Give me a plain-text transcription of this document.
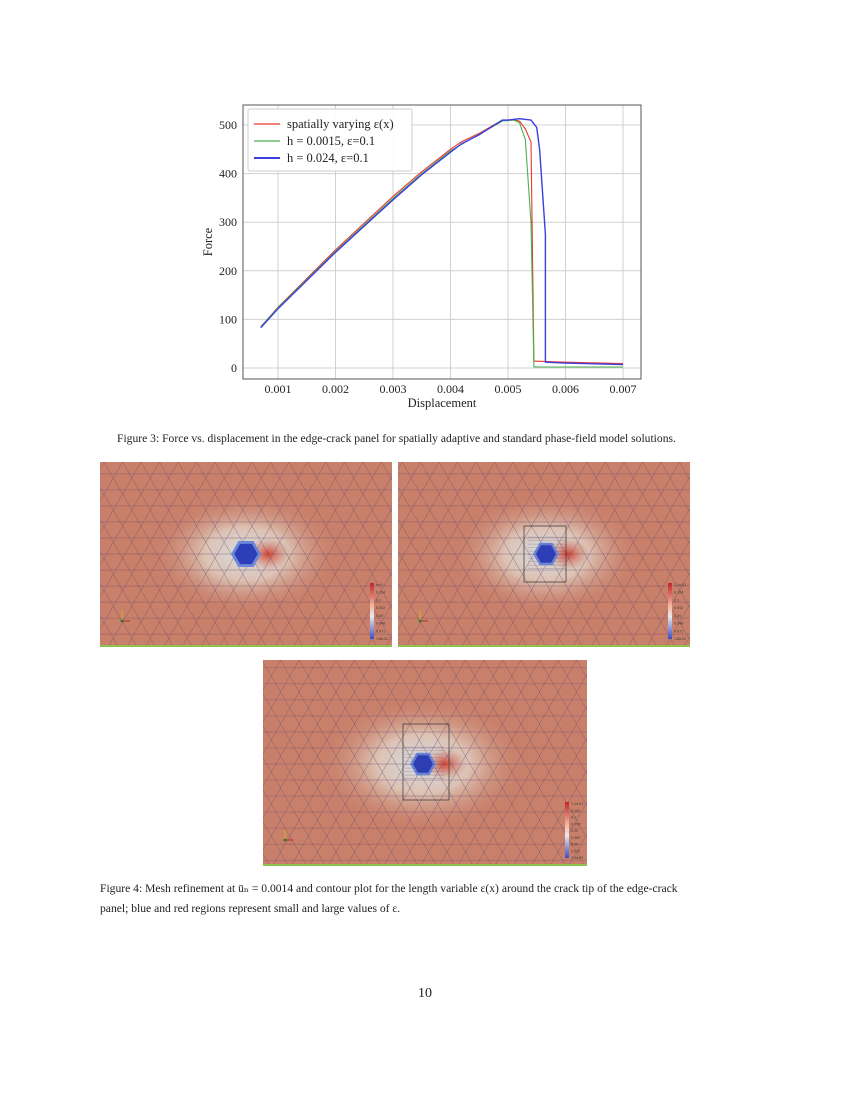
0.001	0.002	0.003	0.004	0.005	0.006	0.007
0
100
200
300
400
500
Displacement
Force
spatially varying ε(x)
h = 0.0015, ε=0.1
h = 0.024, ε=0.1
Figure 3: Force vs. displacement in the edge-crack panel for spatially adaptive and standard phase-field model solutions.
e+0
0.104
0.1
0.052
0.05
0.048
0.071
1.8e-02
1.1e-01
0.104
0.1
0.052
0.05
0.048
0.071
1.8e-02
1.1e-01
0.105
0.1
0.356
0.35
0.365
0.30
0.275
7.3e-03
Figure 4: Mesh refinement at ūₙ = 0.0014 and contour plot for the length variable ε(x) around the crack tip of the edge-crack
panel; blue and red regions represent small and large values of ε.
10
